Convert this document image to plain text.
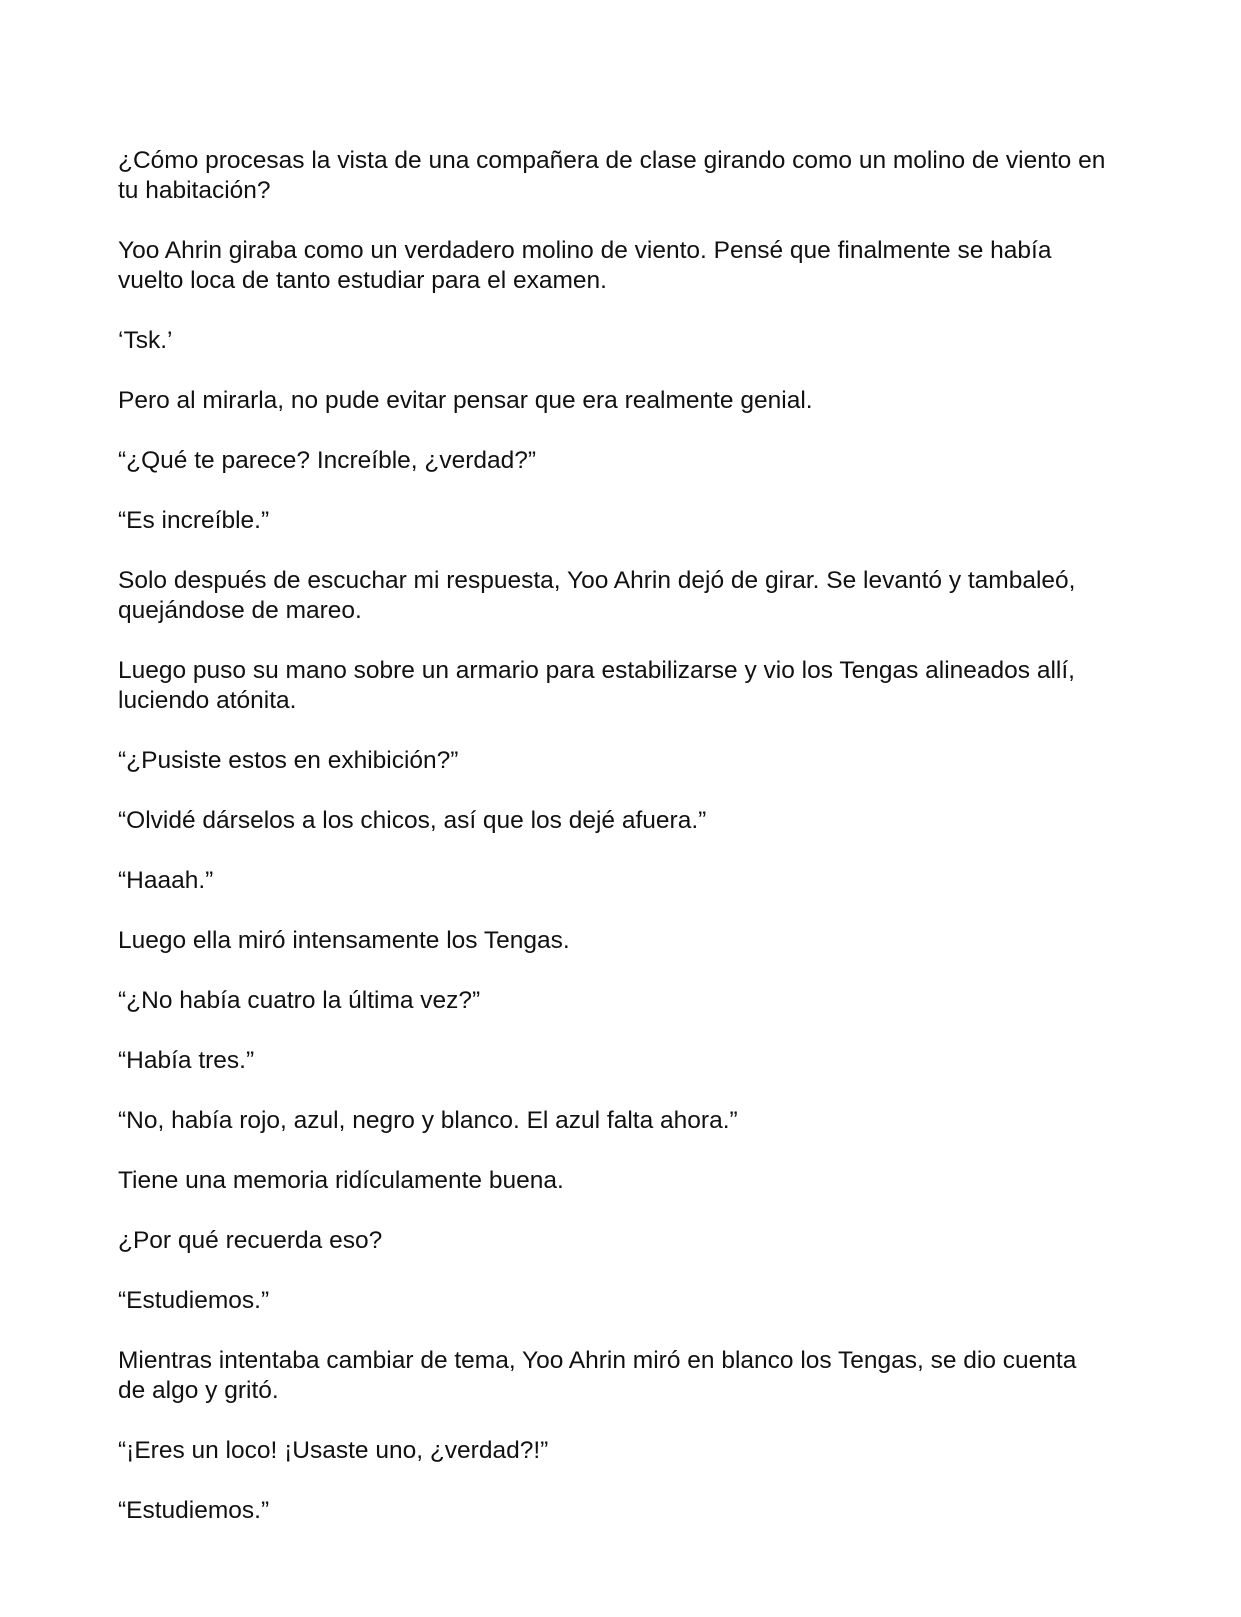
¿Cómo procesas la vista de una compañera de clase girando como un molino de viento en tu habitación?

Yoo Ahrin giraba como un verdadero molino de viento. Pensé que finalmente se había vuelto loca de tanto estudiar para el examen.

‘Tsk.’

Pero al mirarla, no pude evitar pensar que era realmente genial.

“¿Qué te parece? Increíble, ¿verdad?”

“Es increíble.”

Solo después de escuchar mi respuesta, Yoo Ahrin dejó de girar. Se levantó y tambaleó, quejándose de mareo.

Luego puso su mano sobre un armario para estabilizarse y vio los Tengas alineados allí, luciendo atónita.

“¿Pusiste estos en exhibición?”

“Olvidé dárselos a los chicos, así que los dejé afuera.”

“Haaah.”

Luego ella miró intensamente los Tengas.

“¿No había cuatro la última vez?”

“Había tres.”

“No, había rojo, azul, negro y blanco. El azul falta ahora.”

Tiene una memoria ridículamente buena.

¿Por qué recuerda eso?

“Estudiemos.”

Mientras intentaba cambiar de tema, Yoo Ahrin miró en blanco los Tengas, se dio cuenta de algo y gritó.

“¡Eres un loco! ¡Usaste uno, ¿verdad?!”

“Estudiemos.”
